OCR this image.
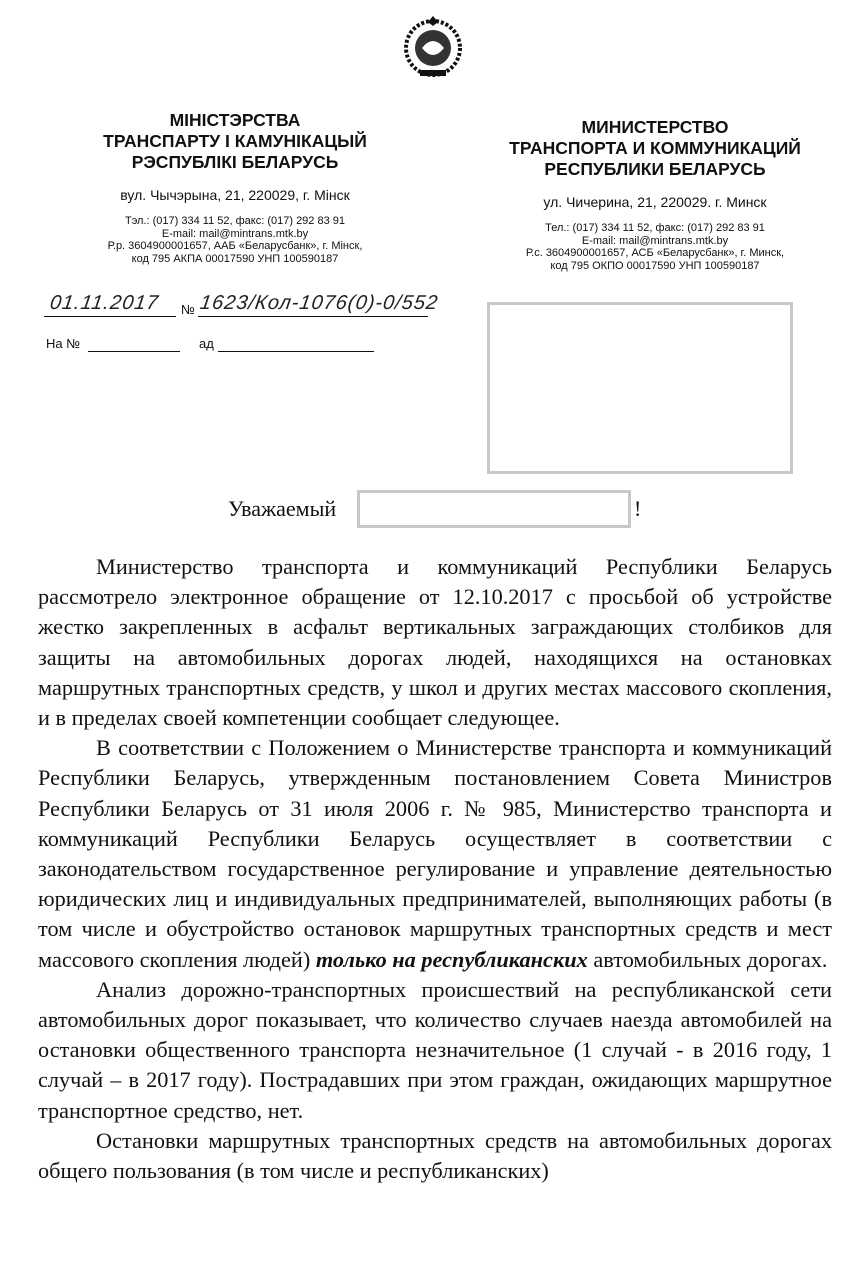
МІНІСТЭРСТВА
ТРАНСПАРТУ І КАМУНІКАЦЫЙ
РЭСПУБЛІКІ БЕЛАРУСЬ
вул. Чычэрына, 21, 220029, г. Мінск
Тэл.: (017) 334 11 52, факс: (017) 292 83 91
E-mail: mail@mintrans.mtk.by
Р.р. 3604900001657, ААБ «Беларусбанк», г. Мінск,
код 795 АКПА 00017590 УНП 100590187
МИНИСТЕРСТВО
ТРАНСПОРТА И КОММУНИКАЦИЙ
РЕСПУБЛИКИ БЕЛАРУСЬ
ул. Чичерина, 21, 220029. г. Минск
Тел.: (017) 334 11 52, факс: (017) 292 83 91
E-mail: mail@mintrans.mtk.by
Р.с. 3604900001657, АСБ «Беларусбанк», г. Минск,
код 795 ОКПО 00017590 УНП 100590187
01.11.2017 № 1623/Кол-1076(0)-0/552
На №	ад
Уважаемый	!

Министерство транспорта и коммуникаций Республики Беларусь рассмотрело электронное обращение от 12.10.2017 с просьбой об устройстве жестко закрепленных в асфальт вертикальных заграждающих столбиков для защиты на автомобильных дорогах людей, находящихся на остановках маршрутных транспортных средств, у школ и других местах массового скопления, и в пределах своей компетенции сообщает следующее.

В соответствии с Положением о Министерстве транспорта и коммуникаций Республики Беларусь, утвержденным постановлением Совета Министров Республики Беларусь от 31 июля 2006 г. № 985, Министерство транспорта и коммуникаций Республики Беларусь осуществляет в соответствии с законодательством государственное регулирование и управление деятельностью юридических лиц и индивидуальных предпринимателей, выполняющих работы (в том числе и обустройство остановок маршрутных транспортных средств и мест массового скопления людей) только на республиканских автомобильных дорогах.

Анализ дорожно-транспортных происшествий на республиканской сети автомобильных дорог показывает, что количество случаев наезда автомобилей на остановки общественного транспорта незначительное (1 случай - в 2016 году, 1 случай – в 2017 году). Пострадавших при этом граждан, ожидающих маршрутное транспортное средство, нет.

Остановки маршрутных транспортных средств на автомобильных дорогах общего пользования (в том числе и республиканских)
